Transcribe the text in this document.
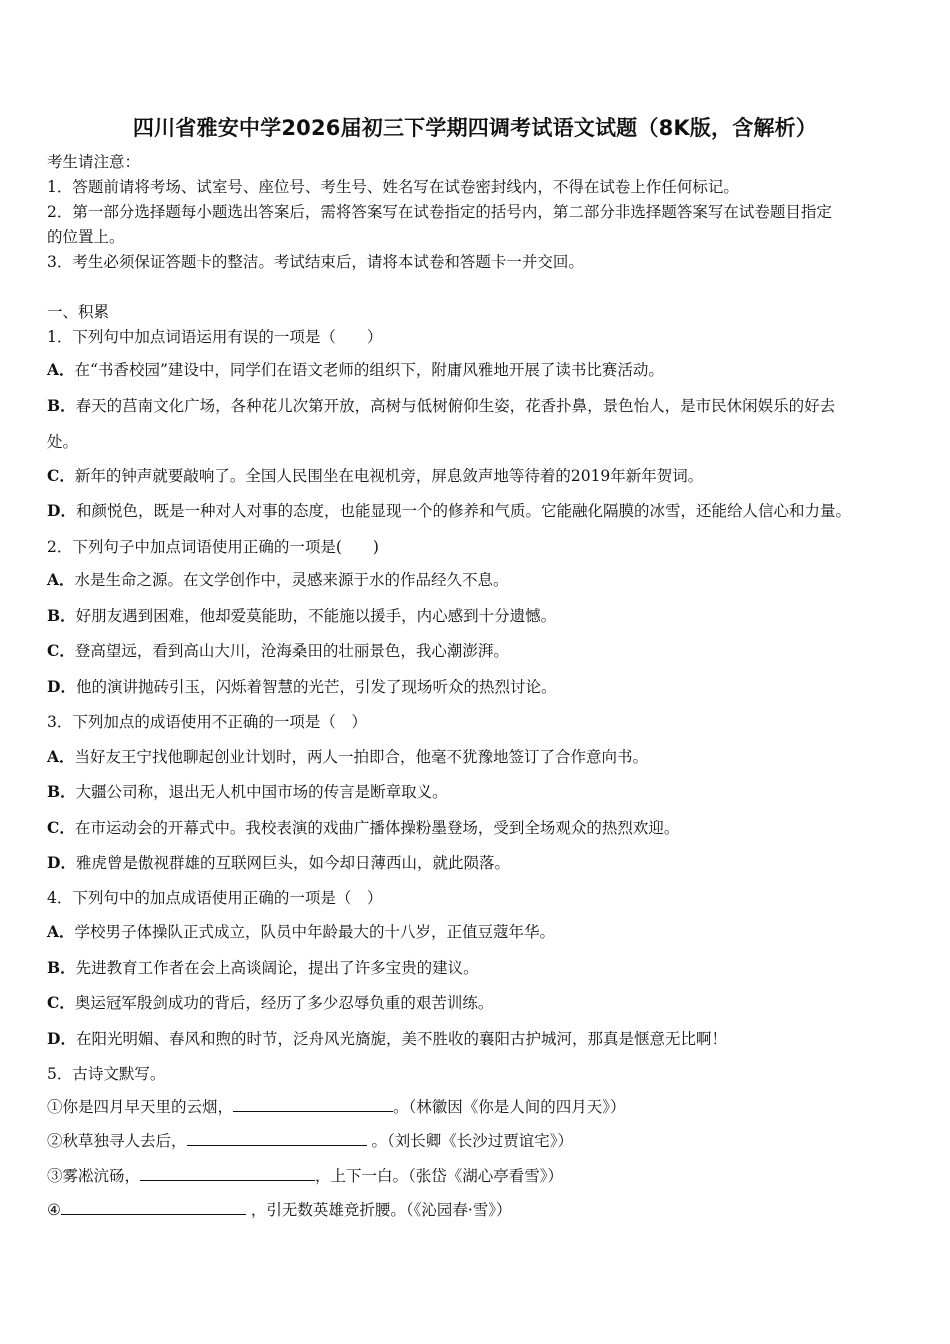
四川省雅安中学2026届初三下学期四调考试语文试题（8K版，含解析）
考生请注意：
1．答题前请将考场、试室号、座位号、考生号、姓名写在试卷密封线内，不得在试卷上作任何标记。
2．第一部分选择题每小题选出答案后，需将答案写在试卷指定的括号内，第二部分非选择题答案写在试卷题目指定
的位置上。
3．考生必须保证答题卡的整洁。考试结束后，请将本试卷和答题卡一并交回。
一、积累
1．下列句中加点词语运用有误的一项是（　　）
A．在“书香校园”建设中，同学们在语文老师的组织下，附庸风雅地开展了读书比赛活动。
B．春天的莒南文化广场，各种花儿次第开放，高树与低树俯仰生姿，花香扑鼻，景色怡人，是市民休闲娱乐的好去
处。
C．新年的钟声就要敲响了。全国人民围坐在电视机旁，屏息敛声地等待着的2019年新年贺词。
D．和颜悦色，既是一种对人对事的态度，也能显现一个的修养和气质。它能融化隔膜的冰雪，还能给人信心和力量。
2．下列句子中加点词语使用正确的一项是(　　)
A．水是生命之源。在文学创作中，灵感来源于水的作品经久不息。
B．好朋友遇到困难，他却爱莫能助，不能施以援手，内心感到十分遗憾。
C．登高望远，看到高山大川，沧海桑田的壮丽景色，我心潮澎湃。
D．他的演讲抛砖引玉，闪烁着智慧的光芒，引发了现场听众的热烈讨论。
3．下列加点的成语使用不正确的一项是（　）
A．当好友王宁找他聊起创业计划时，两人一拍即合，他毫不犹豫地签订了合作意向书。
B．大疆公司称，退出无人机中国市场的传言是断章取义。
C．在市运动会的开幕式中。我校表演的戏曲广播体操粉墨登场，受到全场观众的热烈欢迎。
D．雅虎曾是傲视群雄的互联网巨头，如今却日薄西山，就此陨落。
4．下列句中的加点成语使用正确的一项是（　）
A．学校男子体操队正式成立，队员中年龄最大的十八岁，正值豆蔻年华。
B．先进教育工作者在会上高谈阔论，提出了许多宝贵的建议。
C．奥运冠军殷剑成功的背后，经历了多少忍辱负重的艰苦训练。
D．在阳光明媚、春风和煦的时节，泛舟风光旖旎，美不胜收的襄阳古护城河，那真是惬意无比啊！
5．古诗文默写。
①你是四月早天里的云烟，	。（林徽因《你是人间的四月天》）
②秋草独寻人去后，	。（刘长卿《长沙过贾谊宅》）
③雾凇沆砀，	，上下一白。（张岱《湖心亭看雪》）
④	，引无数英雄竞折腰。（《沁园春·雪》）
